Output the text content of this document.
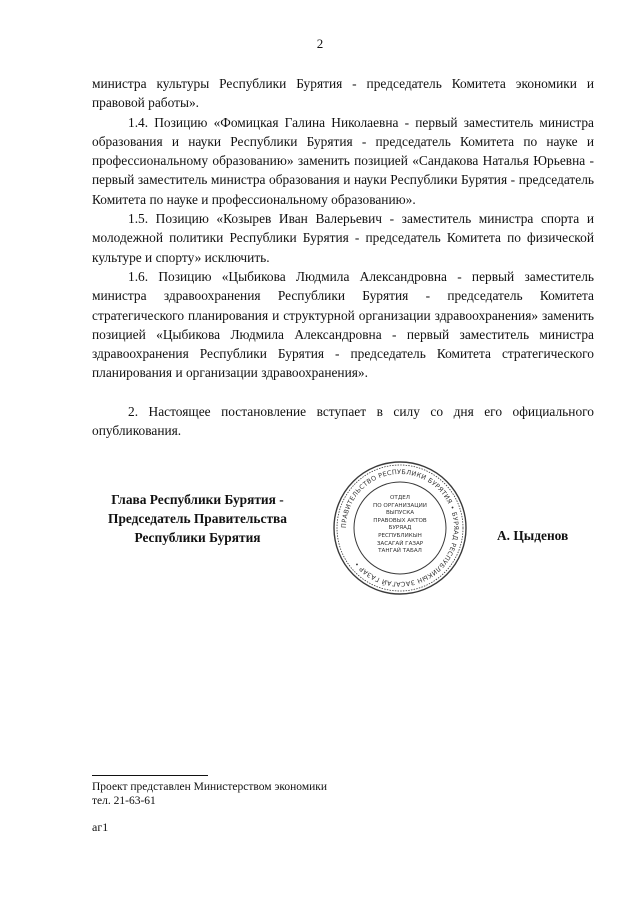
2

министра культуры Республики Бурятия - председатель Комитета экономики и правовой работы».

1.4. Позицию «Фомицкая Галина Николаевна - первый заместитель министра образования и науки Республики Бурятия - председатель Комитета по науке и профессиональному образованию» заменить позицией «Сандакова Наталья Юрьевна - первый заместитель министра образования и науки Республики Бурятия - председатель Комитета по науке и профессиональному образованию».

1.5. Позицию «Козырев Иван Валерьевич - заместитель министра спорта и молодежной политики Республики Бурятия - председатель Комитета по физической культуре и спорту» исключить.

1.6. Позицию «Цыбикова Людмила Александровна - первый заместитель министра здравоохранения Республики Бурятия - председатель Комитета стратегического планирования и структурной организации здравоохранения» заменить позицией «Цыбикова Людмила Александровна - первый заместитель министра здравоохранения Республики Бурятия - председатель Комитета стратегического планирования и организации здравоохранения».

2. Настоящее постановление вступает в силу со дня его официального опубликования.

Глава Республики Бурятия -
Председатель Правительства
Республики Бурятия
ПРАВИТЕЛЬСТВО РЕСПУБЛИКИ БУРЯТИЯ • БУРЯАД РЕСПУБЛИКЫН ЗАСАГАЙ ГАЗАР •
ОТДЕЛ
ПО ОРГАНИЗАЦИИ
ВЫПУСКА
ПРАВОВЫХ АКТОВ
БУРЯАД
РЕСПУБЛИКЫН ЗАСАГАЙ ГАЗАР
ТАНГАЙ ТАБАЛ
А. Цыденов
Проект представлен Министерством экономики
тел. 21-63-61
аг1
